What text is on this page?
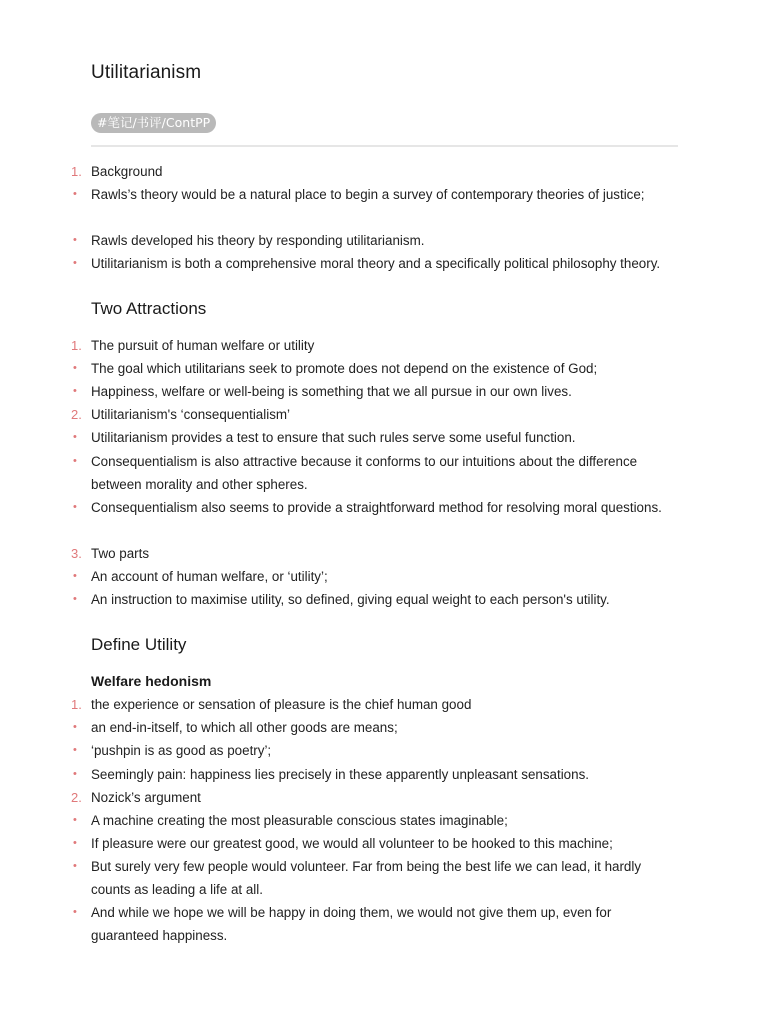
Utilitarianism
#笔记/书评/ContPP
1. Background
•	Rawls’s theory would be a natural place to begin a survey of contemporary theories of justice;
•	Rawls developed his theory by responding utilitarianism.
•	Utilitarianism is both a comprehensive moral theory and a specifically political philosophy theory.
Two Attractions
1. The pursuit of human welfare or utility
•	The goal which utilitarians seek to promote does not depend on the existence of God;
•	Happiness, welfare or well-being is something that we all pursue in our own lives.
2. Utilitarianism's ‘consequentialism’
•	Utilitarianism provides a test to ensure that such rules serve some useful function.
•	Consequentialism is also attractive because it conforms to our intuitions about the difference between morality and other spheres.
•	Consequentialism also seems to provide a straightforward method for resolving moral questions.
3. Two parts
•	An account of human welfare, or ‘utility’;
•	An instruction to maximise utility, so defined, giving equal weight to each person's utility.
Define Utility
Welfare hedonism
1. the experience or sensation of pleasure is the chief human good
•	an end-in-itself, to which all other goods are means;
•	‘pushpin is as good as poetry’;
•	Seemingly pain: happiness lies precisely in these apparently unpleasant sensations.
2. Nozick’s argument
•	A machine creating the most pleasurable conscious states imaginable;
•	If pleasure were our greatest good, we would all volunteer to be hooked to this machine;
•	But surely very few people would volunteer. Far from being the best life we can lead, it hardly counts as leading a life at all.
•	And while we hope we will be happy in doing them, we would not give them up, even for guaranteed happiness.
